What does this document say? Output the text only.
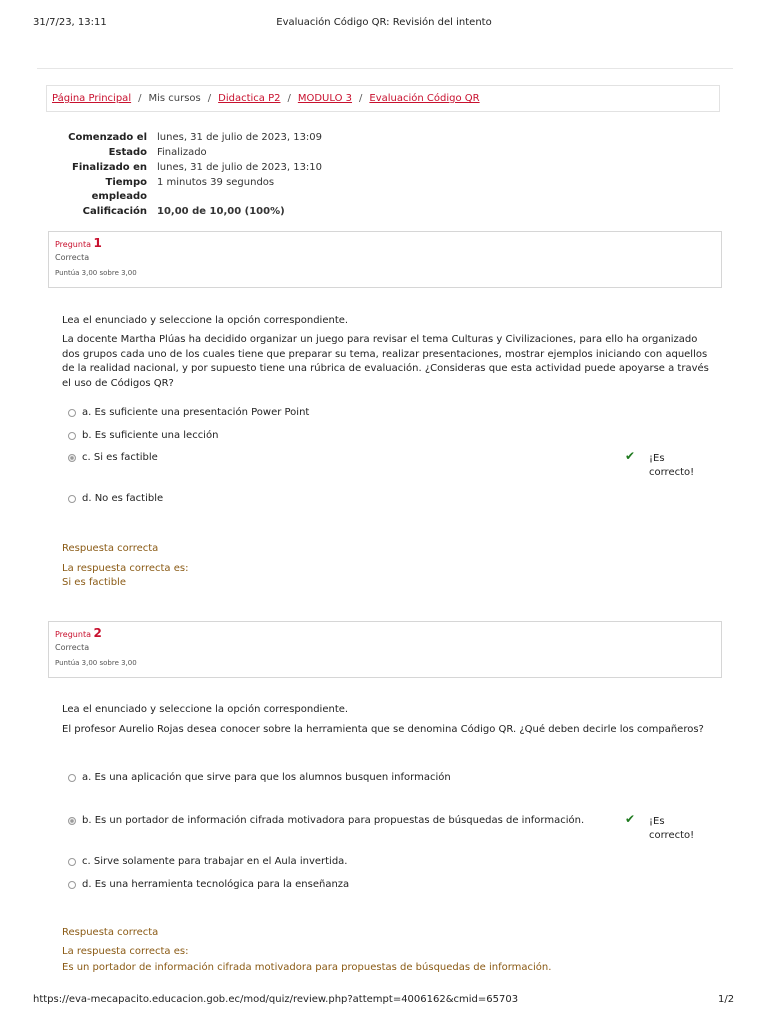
31/7/23, 13:11	Evaluación Código QR: Revisión del intento
Página Principal / Mis cursos / Didactica P2 / MODULO 3 / Evaluación Código QR
Comenzado el	lunes, 31 de julio de 2023, 13:09
Estado	Finalizado
Finalizado en	lunes, 31 de julio de 2023, 13:10
Tiempo empleado
1 minutos 39 segundos
Calificación	10,00 de 10,00 (100%)
Pregunta 1
Correcta
Puntúa 3,00 sobre 3,00
Lea el enunciado y seleccione la opción correspondiente.
La docente Martha Plúas ha decidido organizar un juego para revisar el tema Culturas y Civilizaciones, para ello ha organizado dos grupos cada uno de los cuales tiene que preparar su tema, realizar presentaciones, mostrar ejemplos iniciando con aquellos de la realidad nacional, y por supuesto tiene una rúbrica de evaluación. ¿Consideras que esta actividad puede apoyarse a través el uso de Códigos QR?
a. Es suficiente una presentación Power Point
b. Es suficiente una lección
c. Si es factible	✔ ¡Es correcto!
d. No es factible
Respuesta correcta
La respuesta correcta es:
Si es factible
Pregunta 2
Correcta
Puntúa 3,00 sobre 3,00
Lea el enunciado y seleccione la opción correspondiente.
El profesor Aurelio Rojas desea conocer sobre la herramienta que se denomina Código QR. ¿Qué deben decirle los compañeros?
a. Es una aplicación que sirve para que los alumnos busquen información
b. Es un portador de información cifrada motivadora para propuestas de búsquedas de información.	✔ ¡Es correcto!
c. Sirve solamente para trabajar en el Aula invertida.
d. Es una herramienta tecnológica para la enseñanza
Respuesta correcta
La respuesta correcta es:
Es un portador de información cifrada motivadora para propuestas de búsquedas de información.
https://eva-mecapacito.educacion.gob.ec/mod/quiz/review.php?attempt=4006162&cmid=65703	1/2
